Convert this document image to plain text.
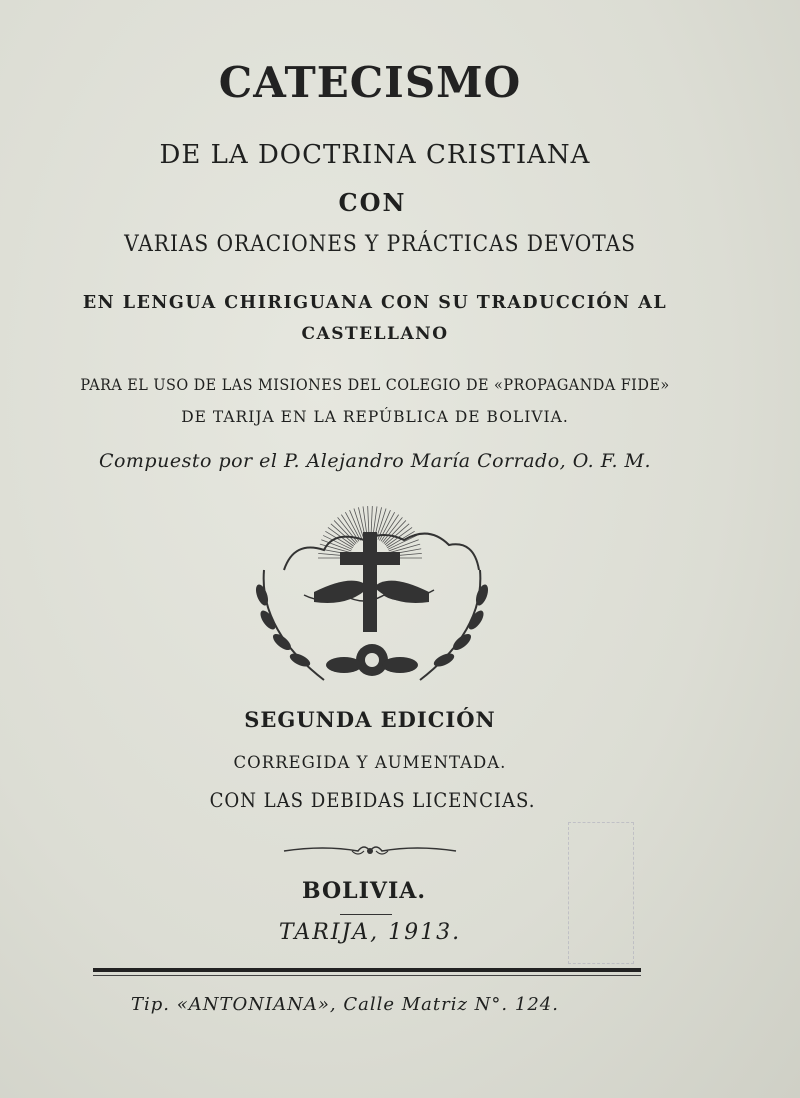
CATECISMO
DE LA DOCTRINA CRISTIANA
CON
VARIAS ORACIONES Y PRÁCTICAS DEVOTAS
EN LENGUA CHIRIGUANA CON SU TRADUCCIÓN AL
CASTELLANO
PARA EL USO DE LAS MISIONES DEL COLEGIO DE «PROPAGANDA FIDE»
DE TARIJA EN LA REPÚBLICA DE BOLIVIA.
Compuesto por el P. Alejandro María Corrado, O. F. M.
SEGUNDA EDICIÓN
CORREGIDA Y AUMENTADA.
CON LAS DEBIDAS LICENCIAS.
BOLIVIA.
TARIJA, 1913.
Tip. «ANTONIANA», Calle Matriz N°. 124.
